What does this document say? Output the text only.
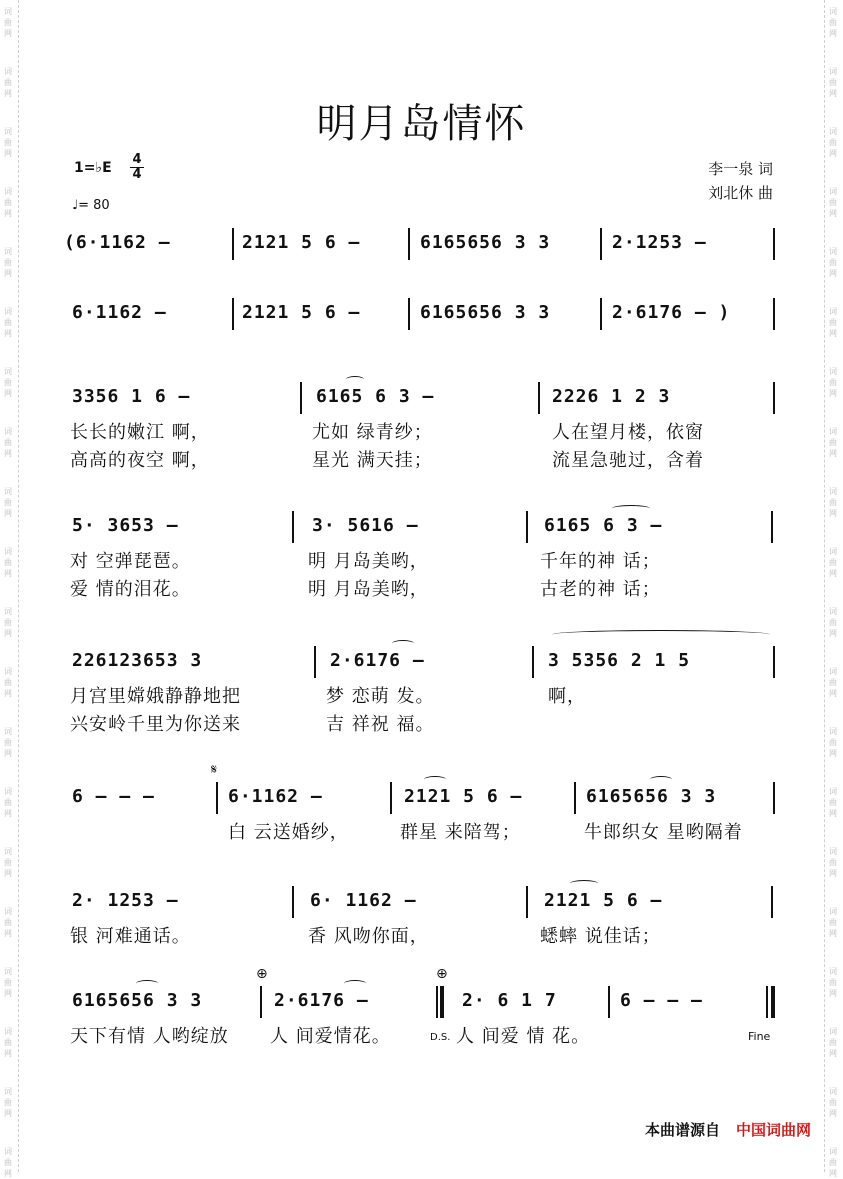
词
曲
网
词
曲
网
词
曲
网
词
曲
网
词
曲
网
词
曲
网
词
曲
网
词
曲
网
词
曲
网
词
曲
网
词
曲
网
词
曲
网
词
曲
网
词
曲
网
词
曲
网
词
曲
网
词
曲
网
词
曲
网
词
曲
网
词
曲
网
词
曲
网
词
曲
网
词
曲
网
词
曲
网
词
曲
网
词
曲
网
词
曲
网
词
曲
网
词
曲
网
词
曲
网
词
曲
网
词
曲
网
词
曲
网
词
曲
网
词
曲
网
词
曲
网
词
曲
网
词
曲
网
词
曲
网
词
曲
网
明月岛情怀
1=♭E
4
4
♩= 80
李一泉 词
刘北休 曲
(6·1162 –	2121 5 6 –	6165656 3 3	2·1253 –
6·1162 –	2121 5 6 –	6165656 3 3	2·6176 – )
3356 1 6 –	6165 6 3 –	2226 1 2 3
长长的嫩江 啊，	尤如 绿青纱；	人在望月楼，依窗
高高的夜空 啊，	星光 满天挂；	流星急驰过，含着
5· 3653 –	3· 5616 –	6165 6 3 –
对 空弹琵琶。	明 月岛美哟，	千年的神 话；
爱 情的泪花。	明 月岛美哟，	古老的神 话；
226123653 3	2·6176 –	3 5356 2 1 5
月宫里嫦娥静静地把	梦 恋萌 发。	啊，
兴安岭千里为你送来	吉 祥祝 福。
𝄋
6 – – –	6·1162 –	2121 5 6 –	6165656 3 3
白 云送婚纱，	群星 来陪驾；	牛郎织女 星哟隔着
2· 1253 –	6· 1162 –	2121 5 6 –
银 河难通话。	香 风吻你面，	蟋蟀 说佳话；
⊕	⊕
6165656 3 3	2·6176 –	2· 6 1 7	6 – – –
天下有情 人哟绽放 人 间爱情花。	D.S. 人 间爱 情 花。	Fine
本曲谱源自 中国词曲网
